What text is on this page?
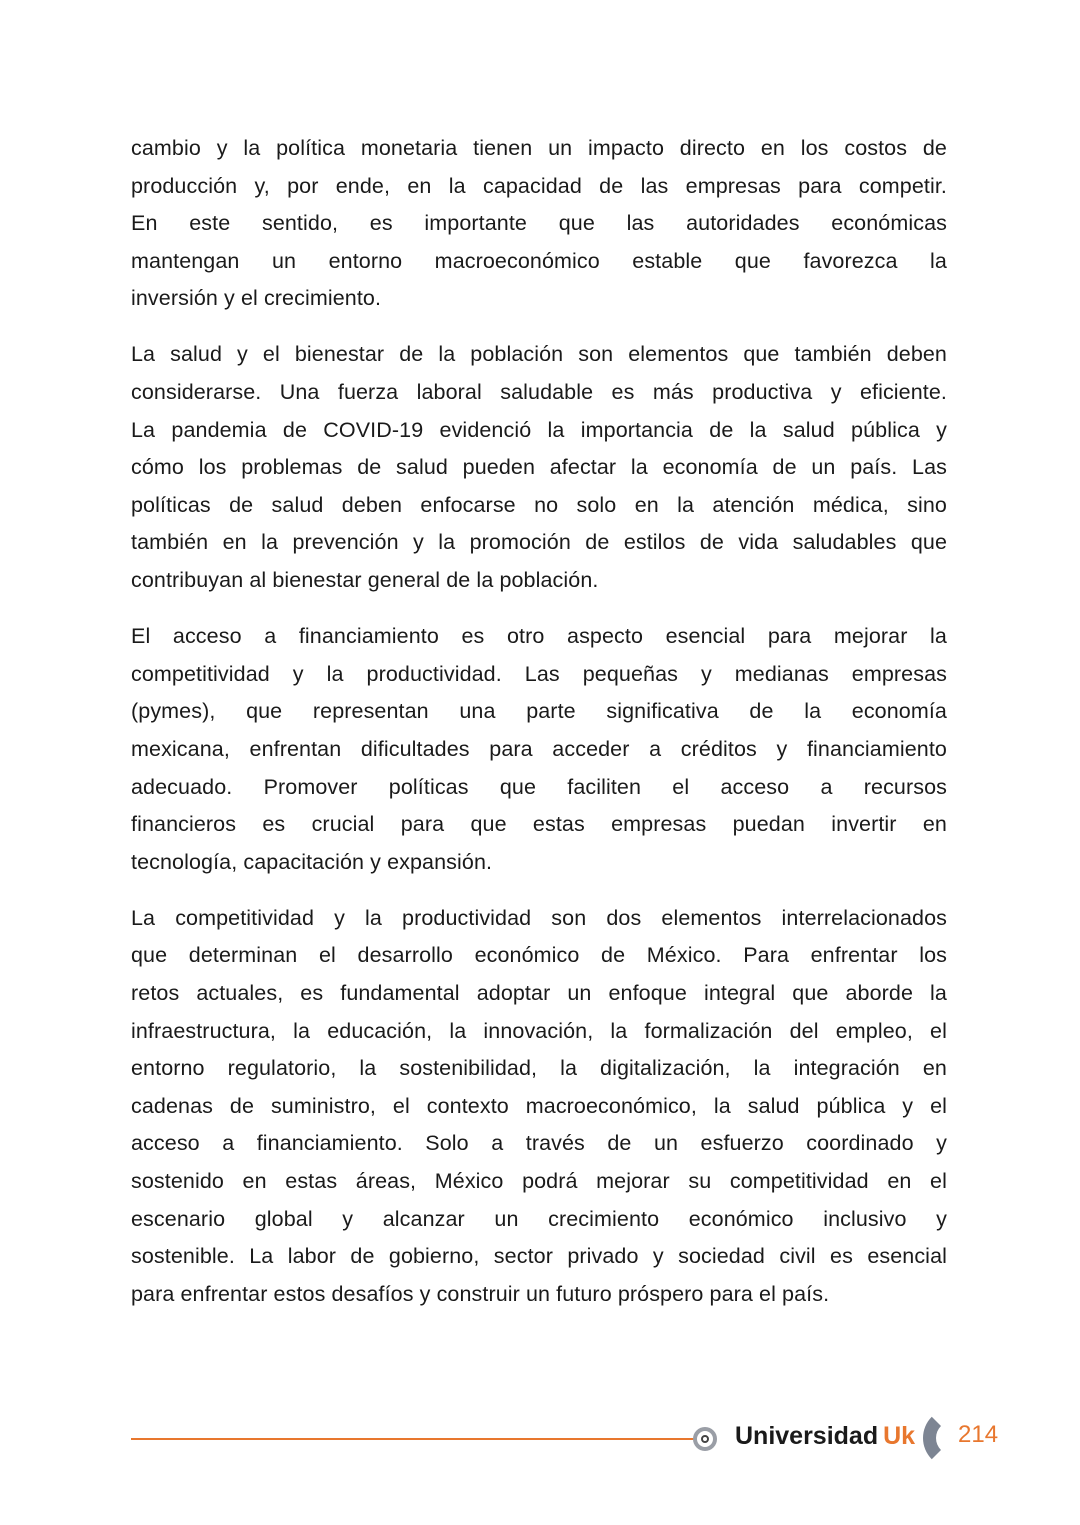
cambio y la política monetaria tienen un impacto directo en los costos de
producción y, por ende, en la capacidad de las empresas para competir.
En este sentido, es importante que las autoridades económicas
mantengan un entorno macroeconómico estable que favorezca la
inversión y el crecimiento.
La salud y el bienestar de la población son elementos que también deben
considerarse. Una fuerza laboral saludable es más productiva y eficiente.
La pandemia de COVID-19 evidenció la importancia de la salud pública y
cómo los problemas de salud pueden afectar la economía de un país. Las
políticas de salud deben enfocarse no solo en la atención médica, sino
también en la prevención y la promoción de estilos de vida saludables que
contribuyan al bienestar general de la población.
El acceso a financiamiento es otro aspecto esencial para mejorar la
competitividad y la productividad. Las pequeñas y medianas empresas
(pymes), que representan una parte significativa de la economía
mexicana, enfrentan dificultades para acceder a créditos y financiamiento
adecuado. Promover políticas que faciliten el acceso a recursos
financieros es crucial para que estas empresas puedan invertir en
tecnología, capacitación y expansión.
La competitividad y la productividad son dos elementos interrelacionados
que determinan el desarrollo económico de México. Para enfrentar los
retos actuales, es fundamental adoptar un enfoque integral que aborde la
infraestructura, la educación, la innovación, la formalización del empleo, el
entorno regulatorio, la sostenibilidad, la digitalización, la integración en
cadenas de suministro, el contexto macroeconómico, la salud pública y el
acceso a financiamiento. Solo a través de un esfuerzo coordinado y
sostenido en estas áreas, México podrá mejorar su competitividad en el
escenario global y alcanzar un crecimiento económico inclusivo y
sostenible. La labor de gobierno, sector privado y sociedad civil es esencial
para enfrentar estos desafíos y construir un futuro próspero para el país.
Universidad Uk 214
